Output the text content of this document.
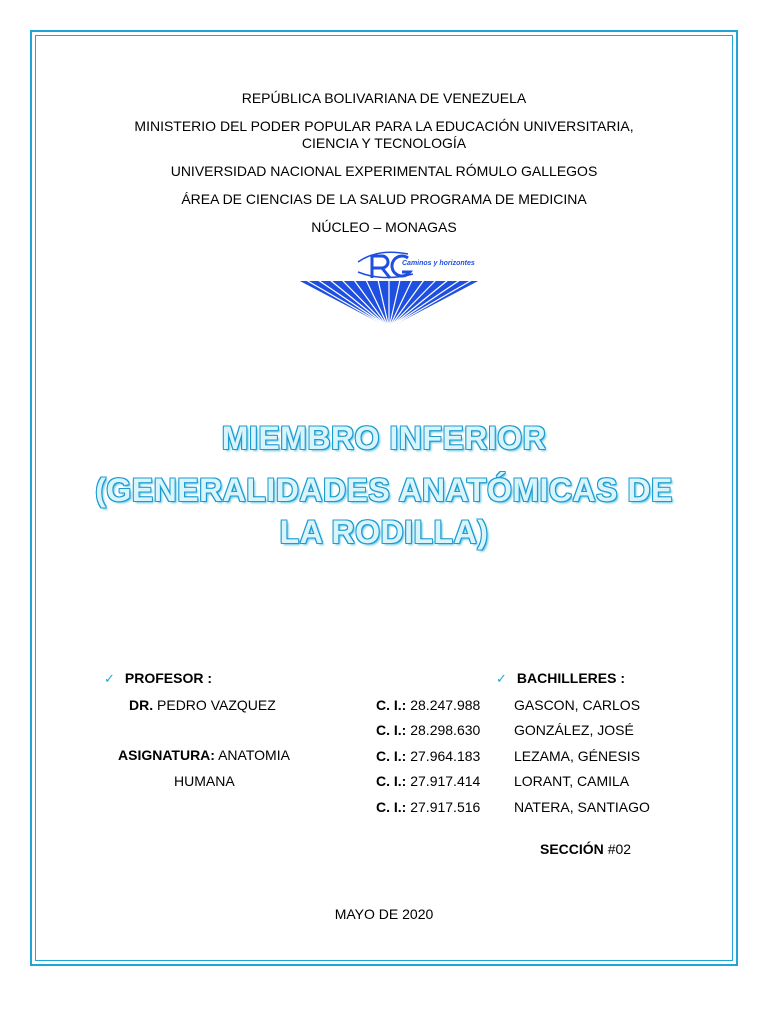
REPÚBLICA BOLIVARIANA DE VENEZUELA
MINISTERIO DEL PODER POPULAR PARA LA EDUCACIÓN UNIVERSITARIA,
CIENCIA Y TECNOLOGÍA
UNIVERSIDAD NACIONAL EXPERIMENTAL RÓMULO GALLEGOS
ÁREA DE CIENCIAS DE LA SALUD PROGRAMA DE MEDICINA
NÚCLEO – MONAGAS
Caminos y horizontes
MIEMBRO INFERIOR
(GENERALIDADES ANATÓMICAS DE
LA RODILLA)
✓ PROFESOR :
DR. PEDRO VAZQUEZ
ASIGNATURA: ANATOMIA
HUMANA
✓ BACHILLERES :
C. I.: 28.247.988 GASCON, CARLOS
C. I.: 28.298.630 GONZÁLEZ, JOSÉ
C. I.: 27.964.183 LEZAMA, GÉNESIS
C. I.: 27.917.414 LORANT, CAMILA
C. I.: 27.917.516 NATERA, SANTIAGO
SECCIÓN #02
MAYO DE 2020
